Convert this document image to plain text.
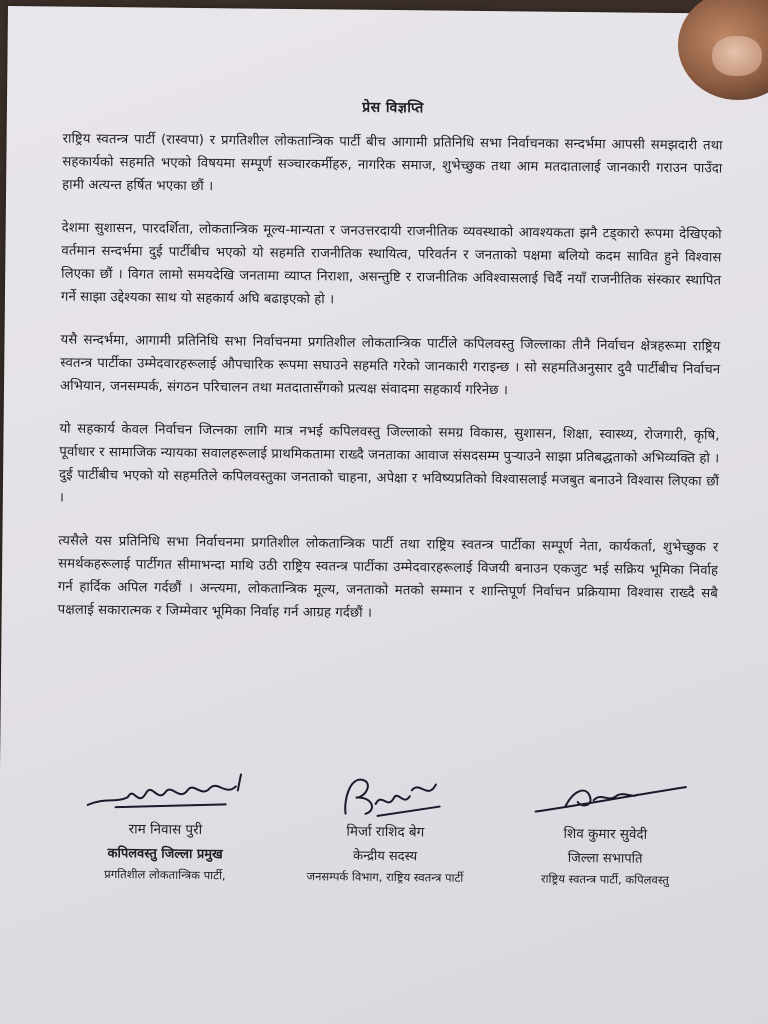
प्रेस विज्ञप्ति

राष्ट्रिय स्वतन्त्र पार्टी (रास्वपा) र प्रगतिशील लोकतान्त्रिक पार्टी बीच आगामी प्रतिनिधि सभा निर्वाचनका सन्दर्भमा आपसी समझदारी तथा सहकार्यको सहमति भएको विषयमा सम्पूर्ण सञ्चारकर्मीहरु, नागरिक समाज, शुभेच्छुक तथा आम मतदातालाई जानकारी गराउन पाउँदा हामी अत्यन्त हर्षित भएका छौं ।

देशमा सुशासन, पारदर्शिता, लोकतान्त्रिक मूल्य-मान्यता र जनउत्तरदायी राजनीतिक व्यवस्थाको आवश्यकता झनै टड्कारो रूपमा देखिएको वर्तमान सन्दर्भमा दुई पार्टीबीच भएको यो सहमति राजनीतिक स्थायित्व, परिवर्तन र जनताको पक्षमा बलियो कदम सावित हुने विश्वास लिएका छौं । विगत लामो समयदेखि जनतामा व्याप्त निराशा, असन्तुष्टि र राजनीतिक अविश्वासलाई चिर्दै नयाँ राजनीतिक संस्कार स्थापित गर्ने साझा उद्देश्यका साथ यो सहकार्य अघि बढाइएको हो ।

यसै सन्दर्भमा, आगामी प्रतिनिधि सभा निर्वाचनमा प्रगतिशील लोकतान्त्रिक पार्टीले कपिलवस्तु जिल्लाका तीनै निर्वाचन क्षेत्रहरूमा राष्ट्रिय स्वतन्त्र पार्टीका उम्मेदवारहरूलाई औपचारिक रूपमा सघाउने सहमति गरेको जानकारी गराइन्छ । सो सहमतिअनुसार दुवै पार्टीबीच निर्वाचन अभियान, जनसम्पर्क, संगठन परिचालन तथा मतदातासँगको प्रत्यक्ष संवादमा सहकार्य गरिनेछ ।

यो सहकार्य केवल निर्वाचन जित्नका लागि मात्र नभई कपिलवस्तु जिल्लाको समग्र विकास, सुशासन, शिक्षा, स्वास्थ्य, रोजगारी, कृषि, पूर्वाधार र सामाजिक न्यायका सवालहरूलाई प्राथमिकतामा राख्दै जनताका आवाज संसदसम्म पुऱ्याउने साझा प्रतिबद्धताको अभिव्यक्ति हो । दुई पार्टीबीच भएको यो सहमतिले कपिलवस्तुका जनताको चाहना, अपेक्षा र भविष्यप्रतिको विश्वासलाई मजबुत बनाउने विश्वास लिएका छौं ।

त्यसैले यस प्रतिनिधि सभा निर्वाचनमा प्रगतिशील लोकतान्त्रिक पार्टी तथा राष्ट्रिय स्वतन्त्र पार्टीका सम्पूर्ण नेता, कार्यकर्ता, शुभेच्छुक र समर्थकहरूलाई पार्टीगत सीमाभन्दा माथि उठी राष्ट्रिय स्वतन्त्र पार्टीका उम्मेदवारहरूलाई विजयी बनाउन एकजुट भई सक्रिय भूमिका निर्वाह गर्न हार्दिक अपिल गर्दछौं । अन्त्यमा, लोकतान्त्रिक मूल्य, जनताको मतको सम्मान र शान्तिपूर्ण निर्वाचन प्रक्रियामा विश्वास राख्दै सबै पक्षलाई सकारात्मक र जिम्मेवार भूमिका निर्वाह गर्न आग्रह गर्दछौं ।

राम निवास पुरी
कपिलवस्तु जिल्ला प्रमुख
प्रगतिशील लोकतान्त्रिक पार्टी,
मिर्जा राशिद बेग
केन्द्रीय सदस्य
जनसम्पर्क विभाग, राष्ट्रिय स्वतन्त्र पार्टी
शिव कुमार सुवेदी
जिल्ला सभापति
राष्ट्रिय स्वतन्त्र पार्टी, कपिलवस्तु
